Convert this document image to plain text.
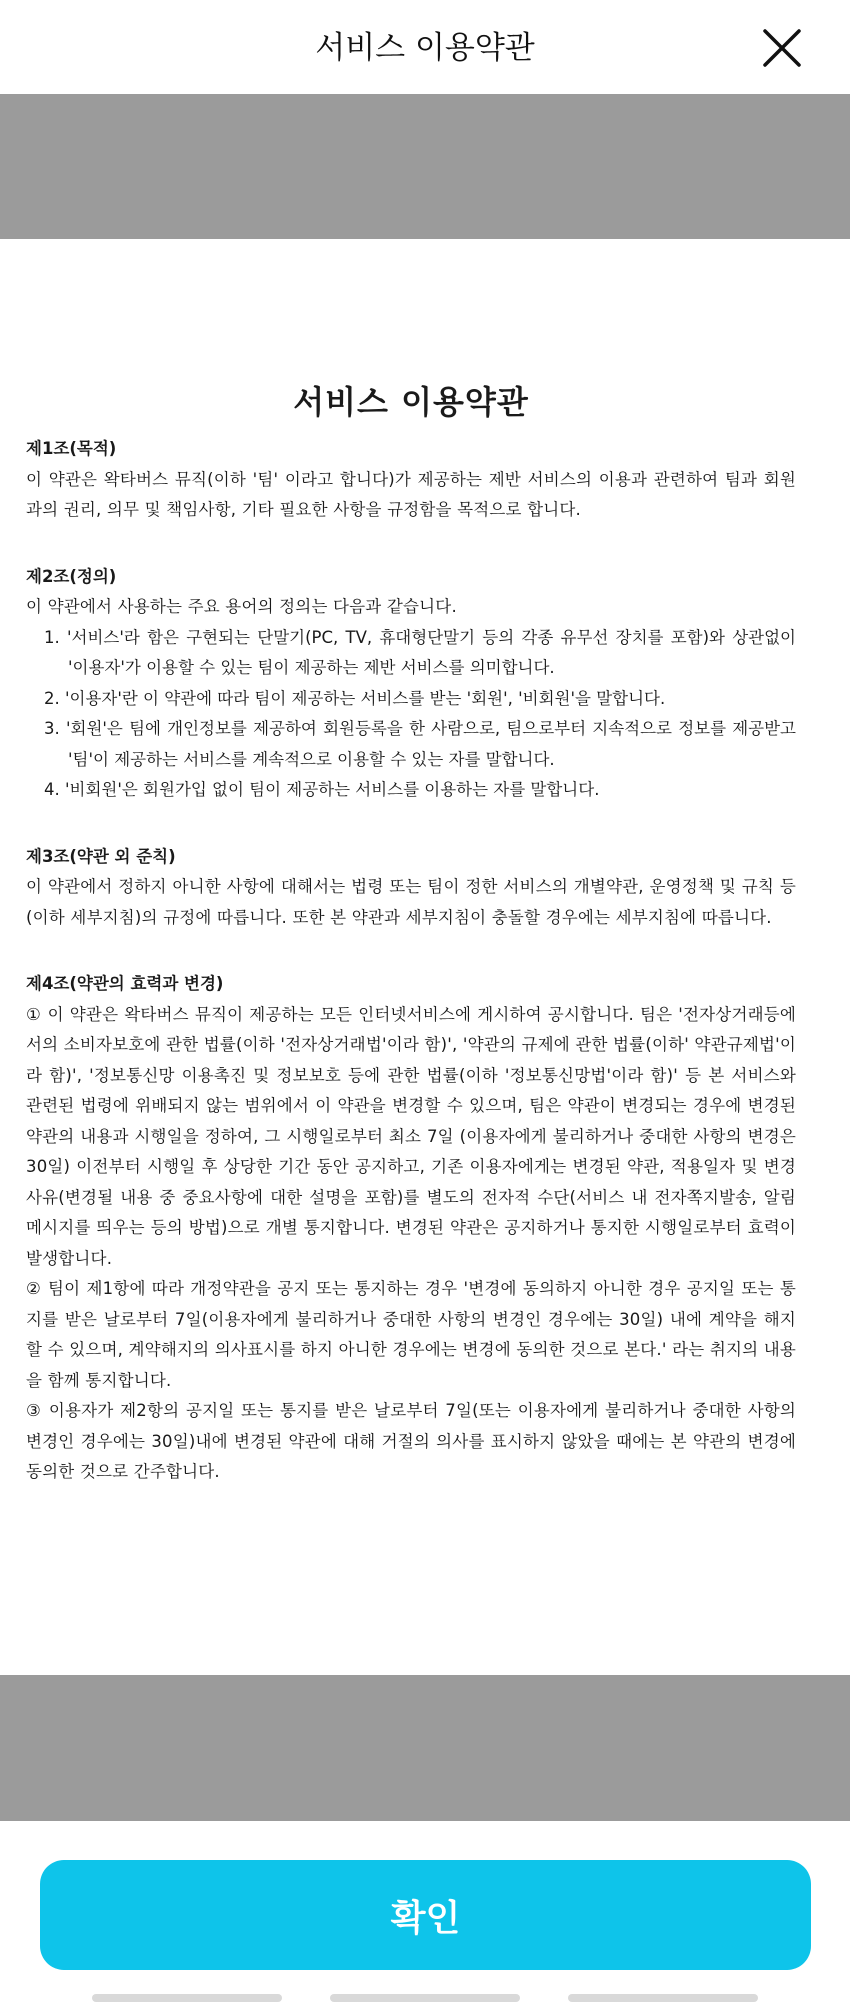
서비스 이용약관
서비스 이용약관

제1조(목적)

이 약관은 왁타버스 뮤직(이하 '팀' 이라고 합니다)가 제공하는 제반 서비스의 이용과 관련하여 팀과 회원과의 권리, 의무 및 책임사항, 기타 필요한 사항을 규정함을 목적으로 합니다.

제2조(정의)

이 약관에서 사용하는 주요 용어의 정의는 다음과 같습니다.

1. '서비스'라 함은 구현되는 단말기(PC, TV, 휴대형단말기 등의 각종 유무선 장치를 포함)와 상관없이 '이용자'가 이용할 수 있는 팀이 제공하는 제반 서비스를 의미합니다.
2. '이용자'란 이 약관에 따라 팀이 제공하는 서비스를 받는 '회원', '비회원'을 말합니다.
3. '회원'은 팀에 개인정보를 제공하여 회원등록을 한 사람으로, 팀으로부터 지속적으로 정보를 제공받고 '팀'이 제공하는 서비스를 계속적으로 이용할 수 있는 자를 말합니다.
4. '비회원'은 회원가입 없이 팀이 제공하는 서비스를 이용하는 자를 말합니다.

제3조(약관 외 준칙)

이 약관에서 정하지 아니한 사항에 대해서는 법령 또는 팀이 정한 서비스의 개별약관, 운영정책 및 규칙 등(이하 세부지침)의 규정에 따릅니다. 또한 본 약관과 세부지침이 충돌할 경우에는 세부지침에 따릅니다.

제4조(약관의 효력과 변경)

① 이 약관은 왁타버스 뮤직이 제공하는 모든 인터넷서비스에 게시하여 공시합니다. 팀은 '전자상거래등에서의 소비자보호에 관한 법률(이하 '전자상거래법'이라 함)', '약관의 규제에 관한 법률(이하' 약관규제법'이라 함)', '정보통신망 이용촉진 및 정보보호 등에 관한 법률(이하 '정보통신망법'이라 함)' 등 본 서비스와 관련된 법령에 위배되지 않는 범위에서 이 약관을 변경할 수 있으며, 팀은 약관이 변경되는 경우에 변경된 약관의 내용과 시행일을 정하여, 그 시행일로부터 최소 7일 (이용자에게 불리하거나 중대한 사항의 변경은 30일) 이전부터 시행일 후 상당한 기간 동안 공지하고, 기존 이용자에게는 변경된 약관, 적용일자 및 변경사유(변경될 내용 중 중요사항에 대한 설명을 포함)를 별도의 전자적 수단(서비스 내 전자쪽지발송, 알림 메시지를 띄우는 등의 방법)으로 개별 통지합니다. 변경된 약관은 공지하거나 통지한 시행일로부터 효력이 발생합니다.

② 팀이 제1항에 따라 개정약관을 공지 또는 통지하는 경우 '변경에 동의하지 아니한 경우 공지일 또는 통지를 받은 날로부터 7일(이용자에게 불리하거나 중대한 사항의 변경인 경우에는 30일) 내에 계약을 해지할 수 있으며, 계약해지의 의사표시를 하지 아니한 경우에는 변경에 동의한 것으로 본다.' 라는 취지의 내용을 함께 통지합니다.

③ 이용자가 제2항의 공지일 또는 통지를 받은 날로부터 7일(또는 이용자에게 불리하거나 중대한 사항의 변경인 경우에는 30일)내에 변경된 약관에 대해 거절의 의사를 표시하지 않았을 때에는 본 약관의 변경에 동의한 것으로 간주합니다.

확인
